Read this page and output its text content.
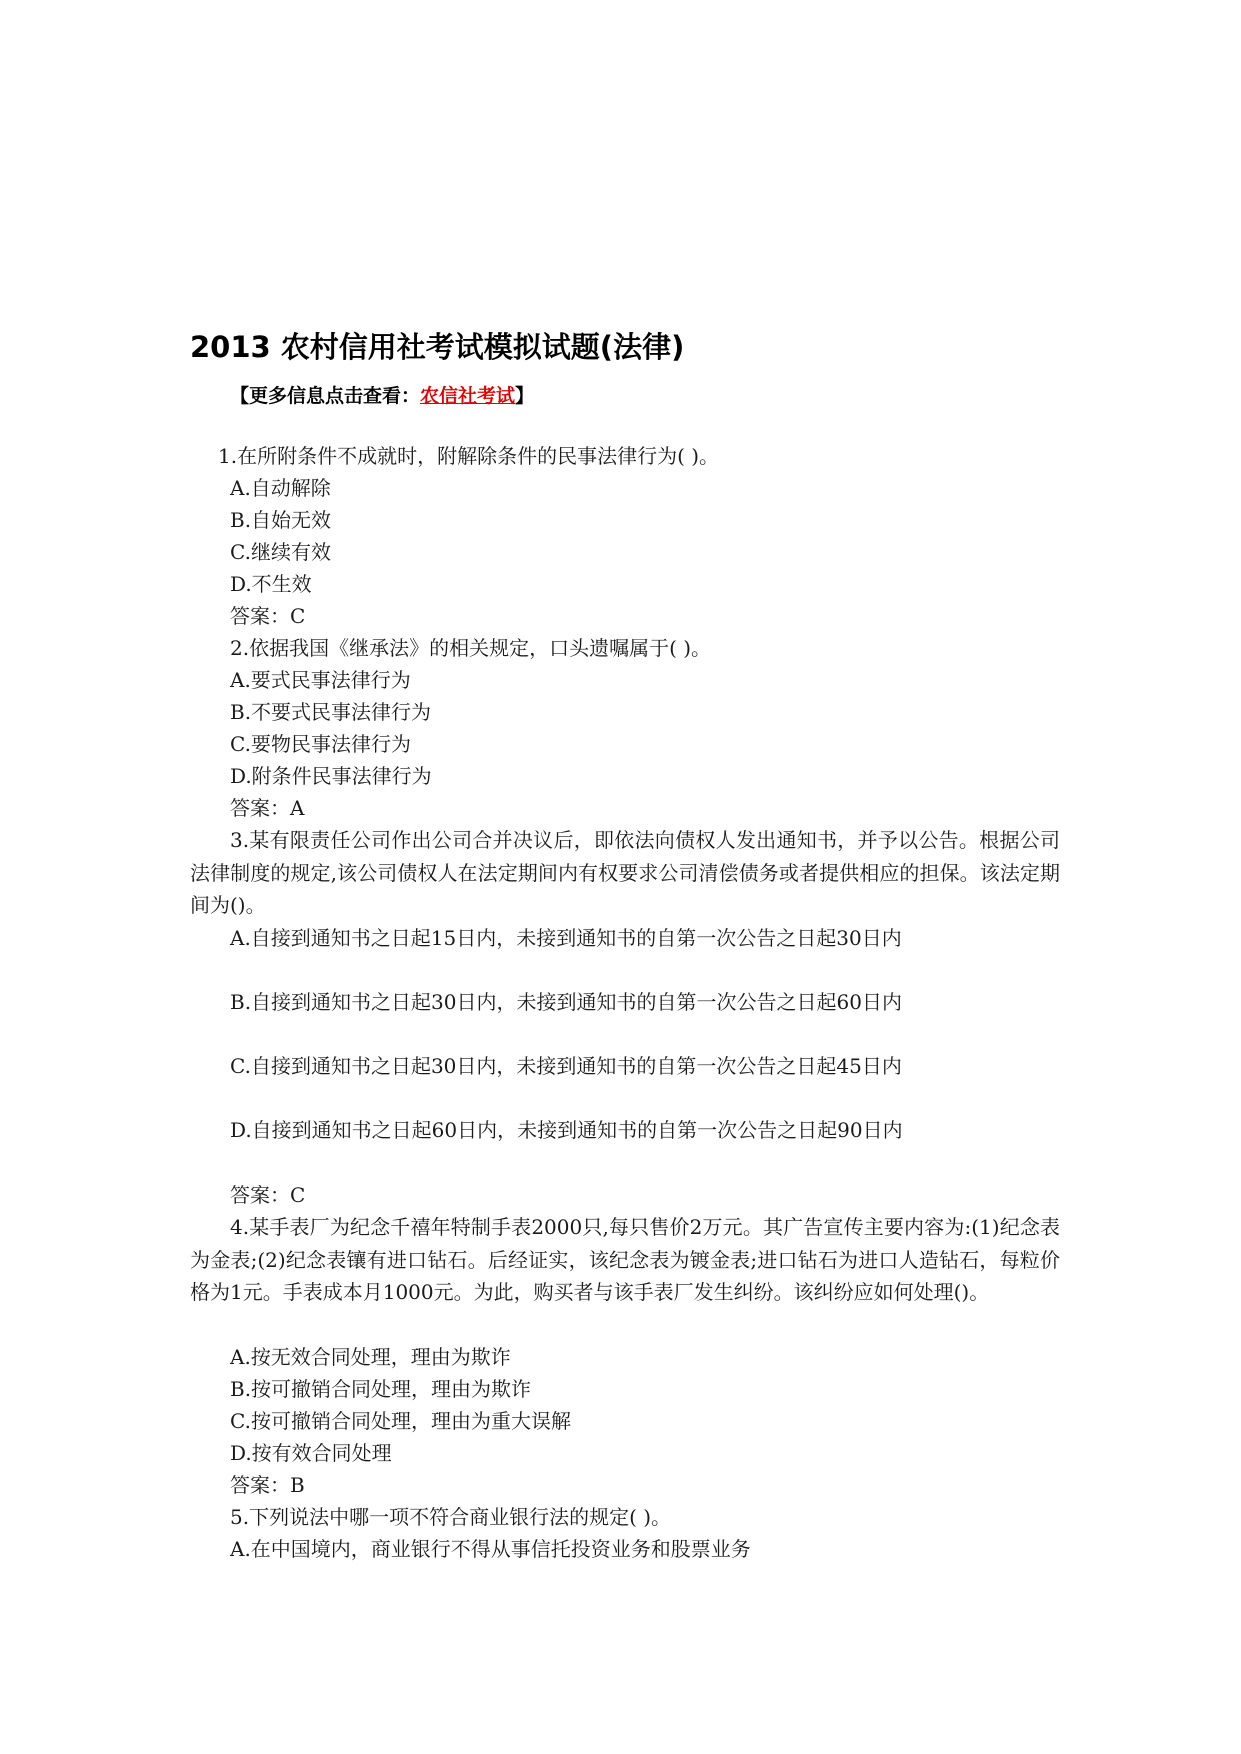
2013 农村信用社考试模拟试题(法律)
【更多信息点击查看：农信社考试】
1.在所附条件不成就时，附解除条件的民事法律行为( )。
A.自动解除
B.自始无效
C.继续有效
D.不生效
答案：C
2.依据我国《继承法》的相关规定，口头遗嘱属于( )。
A.要式民事法律行为
B.不要式民事法律行为
C.要物民事法律行为
D.附条件民事法律行为
答案：A
3.某有限责任公司作出公司合并决议后，即依法向债权人发出通知书，并予以公告。根据公司法律制度的规定,该公司债权人在法定期间内有权要求公司清偿债务或者提供相应的担保。该法定期间为()。
A.自接到通知书之日起15日内，未接到通知书的自第一次公告之日起30日内
B.自接到通知书之日起30日内，未接到通知书的自第一次公告之日起60日内
C.自接到通知书之日起30日内，未接到通知书的自第一次公告之日起45日内
D.自接到通知书之日起60日内，未接到通知书的自第一次公告之日起90日内
答案：C
4.某手表厂为纪念千禧年特制手表2000只,每只售价2万元。其广告宣传主要内容为:(1)纪念表为金表;(2)纪念表镶有进口钻石。后经证实，该纪念表为镀金表;进口钻石为进口人造钻石，每粒价格为1元。手表成本月1000元。为此，购买者与该手表厂发生纠纷。该纠纷应如何处理()。
A.按无效合同处理，理由为欺诈
B.按可撤销合同处理，理由为欺诈
C.按可撤销合同处理，理由为重大误解
D.按有效合同处理
答案：B
5.下列说法中哪一项不符合商业银行法的规定( )。
A.在中国境内，商业银行不得从事信托投资业务和股票业务
